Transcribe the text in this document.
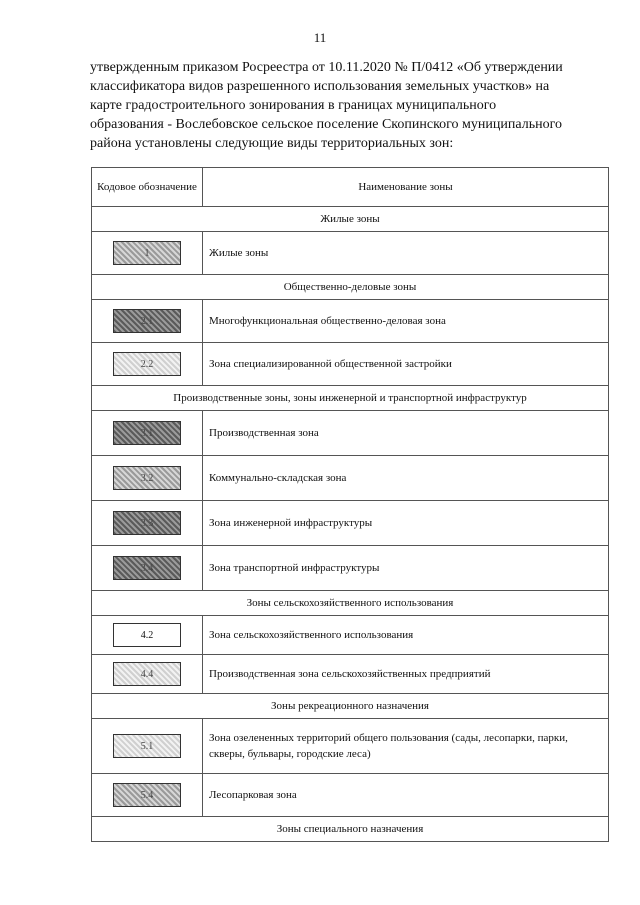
11
утвержденным приказом Росреестра от 10.11.2020 № П/0412 «Об утверждении
классификатора видов разрешенного использования земельных участков» на
карте градостроительного зонирования в границах муниципального
образования - Вослебовское сельское поселение Скопинского муниципального
района установлены следующие виды территориальных зон:
Кодовое обозначение	Наименование зоны
Жилые зоны	
1	Жилые зоны
Общественно-деловые зоны	
2.1	Многофункциональная общественно-деловая зона
2.2	Зона специализированной общественной застройки
Производственные зоны, зоны инженерной и транспортной инфраструктур	
3.1	Производственная зона
3.2	Коммунально-складская зона
3.3	Зона инженерной инфраструктуры
3.4	Зона транспортной инфраструктуры
Зоны сельскохозяйственного использования	
4.2	Зона сельскохозяйственного использования
4.4	Производственная зона сельскохозяйственных предприятий
Зоны рекреационного назначения	
5.1	Зона озелененных территорий общего пользования (сады, лесопарки, парки, скверы, бульвары, городские леса)
5.4	Лесопарковая зона
Зоны специального назначения	
